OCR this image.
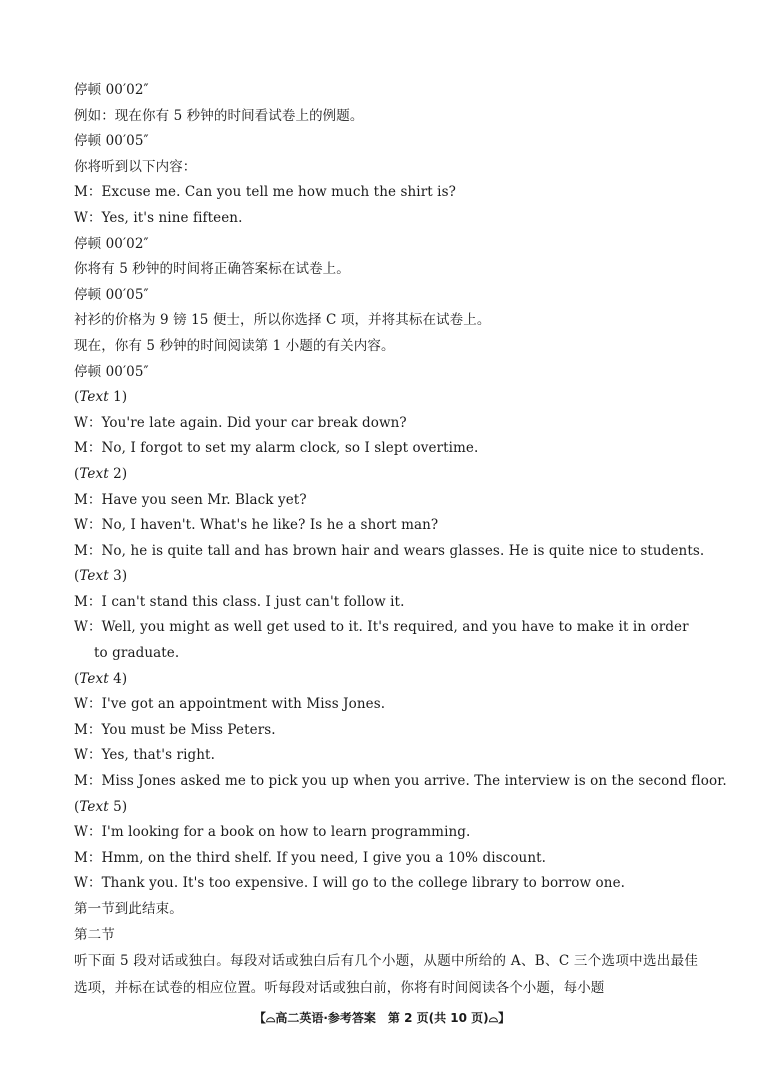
停顿 00′02″
例如：现在你有 5 秒钟的时间看试卷上的例题。
停顿 00′05″
你将听到以下内容：
M：Excuse me. Can you tell me how much the shirt is?
W：Yes, it's nine fifteen.
停顿 00′02″
你将有 5 秒钟的时间将正确答案标在试卷上。
停顿 00′05″
衬衫的价格为 9 镑 15 便士，所以你选择 C 项，并将其标在试卷上。
现在，你有 5 秒钟的时间阅读第 1 小题的有关内容。
停顿 00′05″
(Text 1)
W：You're late again. Did your car break down?
M：No, I forgot to set my alarm clock, so I slept overtime.
(Text 2)
M：Have you seen Mr. Black yet?
W：No, I haven't. What's he like? Is he a short man?
M：No, he is quite tall and has brown hair and wears glasses. He is quite nice to students.
(Text 3)
M：I can't stand this class. I just can't follow it.
W：Well, you might as well get used to it. It's required, and you have to make it in order to graduate.
(Text 4)
W：I've got an appointment with Miss Jones.
M：You must be Miss Peters.
W：Yes, that's right.
M：Miss Jones asked me to pick you up when you arrive. The interview is on the second floor.
(Text 5)
W：I'm looking for a book on how to learn programming.
M：Hmm, on the third shelf. If you need, I give you a 10% discount.
W：Thank you. It's too expensive. I will go to the college library to borrow one.
第一节到此结束。
第二节
听下面 5 段对话或独白。每段对话或独白后有几个小题，从题中所给的 A、B、C 三个选项中选出最佳选项，并标在试卷的相应位置。听每段对话或独白前，你将有时间阅读各个小题，每小题
【⌓高二英语·参考答案　第 2 页(共 10 页)⌓】
